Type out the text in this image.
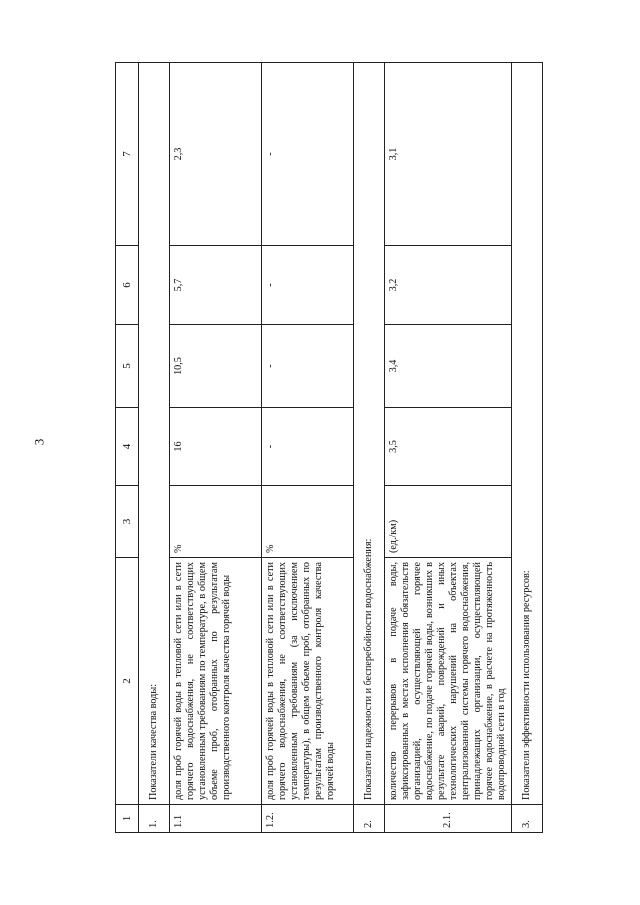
3
1	2	3	4	5	6	7
1.	Показатели качества воды:					
1.1	доля проб горячей воды в тепловой сети или в сети горячего водоснабжения, не соответствующих установленным требованиям по температуре, в общем объеме проб, отобранных по результатам производственного контроля качества горячей воды	%	16	10,5	5,7	2,3
1.2.	доля проб горячей воды в тепловой сети или в сети горячего водоснабжения, не соответствующих установленным требованиям (за исключением температуры), в общем объеме проб, отобранных по результатам производственного контроля качества горячей воды	%	-	-	-	-
2.	Показатели надежности и бесперебойности водоснабжения:					
2.1.	количество перерывов в подаче воды, зафиксированных в местах исполнения обязательств организацией, осуществляющей горячее водоснабжение, по подаче горячей воды, возникших в результате аварий, повреждений и иных технологических нарушений на объектах централизованной системы горячего водоснабжения, принадлежащих организации, осуществляющей горячее водоснабжение, в расчете на протяженность водопроводной сети в год	(ед./км)	3,5	3,4	3,2	3,1
3.	Показатели эффективности использования ресурсов:					
